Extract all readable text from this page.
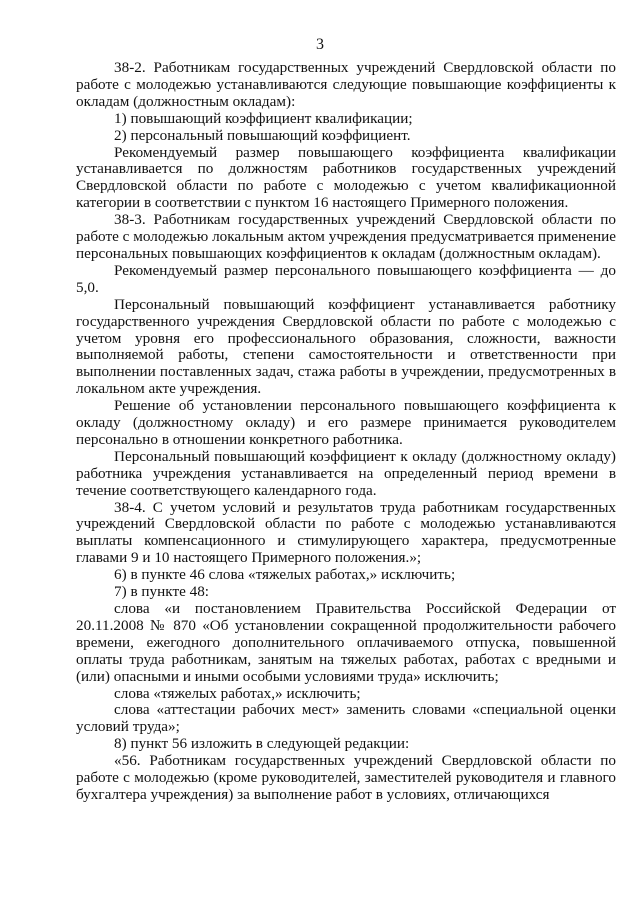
3

38-2. Работникам государственных учреждений Свердловской области по работе с молодежью устанавливаются следующие повышающие коэффициенты к окладам (должностным окладам):

1) повышающий коэффициент квалификации;

2) персональный повышающий коэффициент.

Рекомендуемый размер повышающего коэффициента квалификации устанавливается по должностям работников государственных учреждений Свердловской области по работе с молодежью с учетом квалификационной категории в соответствии с пунктом 16 настоящего Примерного положения.

38-3. Работникам государственных учреждений Свердловской области по работе с молодежью локальным актом учреждения предусматривается применение персональных повышающих коэффициентов к окладам (должностным окладам).

Рекомендуемый размер персонального повышающего коэффициента — до 5,0.

Персональный повышающий коэффициент устанавливается работнику государственного учреждения Свердловской области по работе с молодежью с учетом уровня его профессионального образования, сложности, важности выполняемой работы, степени самостоятельности и ответственности при выполнении поставленных задач, стажа работы в учреждении, предусмотренных в локальном акте учреждения.

Решение об установлении персонального повышающего коэффициента к окладу (должностному окладу) и его размере принимается руководителем персонально в отношении конкретного работника.

Персональный повышающий коэффициент к окладу (должностному окладу) работника учреждения устанавливается на определенный период времени в течение соответствующего календарного года.

38-4. С учетом условий и результатов труда работникам государственных учреждений Свердловской области по работе с молодежью устанавливаются выплаты компенсационного и стимулирующего характера, предусмотренные главами 9 и 10 настоящего Примерного положения.»;

6) в пункте 46 слова «тяжелых работах,» исключить;

7) в пункте 48:

слова «и постановлением Правительства Российской Федерации от 20.11.2008 № 870 «Об установлении сокращенной продолжительности рабочего времени, ежегодного дополнительного оплачиваемого отпуска, повышенной оплаты труда работникам, занятым на тяжелых работах, работах с вредными и (или) опасными и иными особыми условиями труда» исключить;

слова «тяжелых работах,» исключить;

слова «аттестации рабочих мест» заменить словами «специальной оценки условий труда»;

8) пункт 56 изложить в следующей редакции:

«56. Работникам государственных учреждений Свердловской области по работе с молодежью (кроме руководителей, заместителей руководителя и главного бухгалтера учреждения) за выполнение работ в условиях, отличающихся
